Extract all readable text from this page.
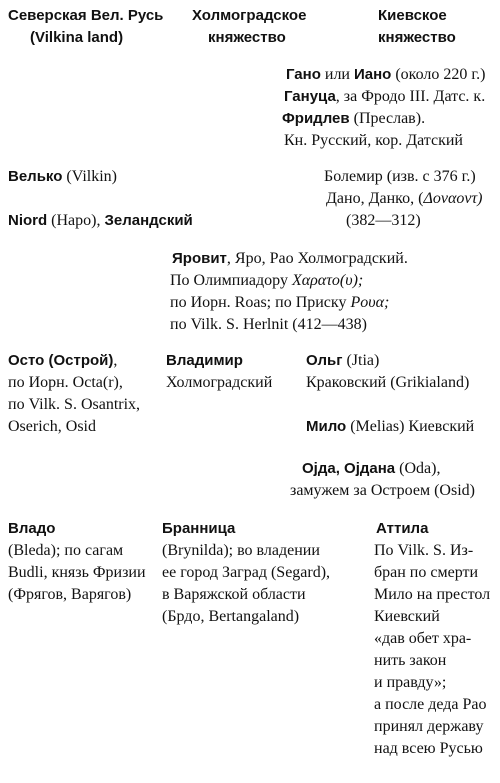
Северская Вел. Русь
(Vilkina land)
Холмоградское
княжество
Киевское
княжество
Гано или Иано (около 220 г.)
Гануца, за Фродо III. Датс. к.
Фридлев (Преслав).
Кн. Русский, кор. Датский
Велько (Vilkin)
Niord (Наро), Зеландский
Болемир (изв. с 376 г.)
Дано, Данко, (Δοναοντ)
(382—312)
Яровит, Яро, Рао Холмоградский.
По Олимпиадору Χαρατο(υ);
по Иорн. Roas; по Приску Ρουα;
по Vilk. S. Herlnit (412—438)
Осто (Острой),
по Иорн. Octa(r),
по Vilk. S. Osantrix,
Oserich, Osid
Владимир
Холмоградский
Ольг (Jtia)
Краковский (Grikialand)
Мило (Melias) Киевский
Ојда, Ојдана (Oda),
замужем за Остроем (Osid)
Владо
(Bleda); по сагам
Budli, князь Фризии
(Фрягов, Варягов)
Бранница
(Brynilda); во владении
ее город Заград (Segard),
в Варяжской области
(Брдо, Bertangaland)
Аттила
По Vilk. S. Из-
бран по смерти
Мило на престол
Киевский
«дав обет хра-
нить закон
и правду»;
а после деда Рао
принял державу
над всею Русью
